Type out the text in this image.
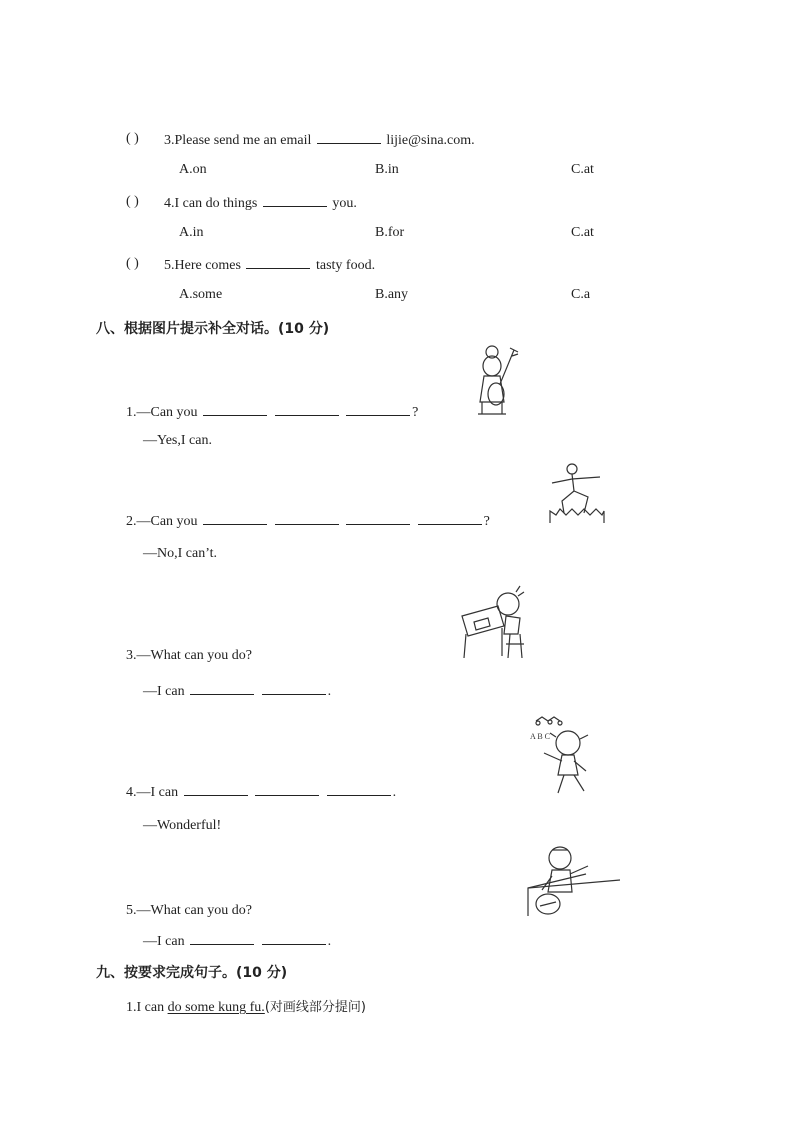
( ) 3.Please send me an email	lijie@sina.com.
A.on	B.in	C.at
( ) 4.I can do things	you.
A.in	B.for	C.at
( ) 5.Here comes	tasty food.
A.some	B.any	C.a
八、根据图片提示补全对话。(10 分)
1.—Can you	?
—Yes,I can.
2.—Can you	?
—No,I can’t.
3.—What can you do?
—I can	.
4.—I can	.
—Wonderful!
5.—What can you do?
—I can	.
九、按要求完成句子。(10 分)
1.I can do some kung fu.(对画线部分提问)
A B C
